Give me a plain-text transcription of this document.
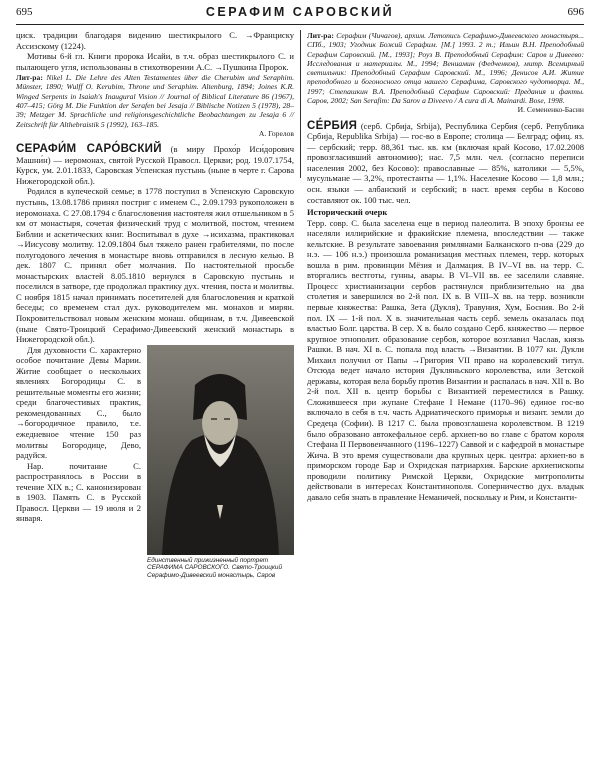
695	СЕРАФИМ САРОВСКИЙ	696

циск. традиции благодаря видению шестикрылого С. →Франциску Ассизскому (1224).

Мотивы 6-й гл. Книги пророка Исайи, в т.ч. образ шестикрылого С. и пылающего угля, использованы в стихотворении А.С. →Пушкина Пророк.

Лит-ра: Nikel L. Die Lehre des Alten Testamentes über die Cherubim und Seraphim. Münster, 1890; Wulff O. Kerubim, Throne und Seraphim. Altenburg, 1894; Joines K.R. Winged Serpents in Isaiah's Inaugural Vision // Journal of Biblical Literature 86 (1967), 407–415; Görg M. Die Funktion der Serafen bei Jesaja // Biblische Notizen 5 (1978), 28–39; Metzger M. Sprachliche und religionsgeschichtliche Beobachtungen zu Jesaja 6 // Zeitschrift für Althebraistik 5 (1992), 163–185.
А. Горелов

СЕРАФИ́М САРО́ВСКИЙ (в миру Прохо́р Иси́дорович Машни́н) — иеромонах, святой Русской Правосл. Церкви; род. 19.07.1754, Курск, ум. 2.01.1833, Саровская Успенская пустынь (ныне в черте г. Сарова Нижегородской обл.).

Родился в купеческой семье; в 1778 поступил в Успенскую Саровскую пустынь, 13.08.1786 принял постриг с именем С., 2.09.1793 рукоположен в иеромонаха. С 27.08.1794 с благословения настоятеля жил отшельником в 5 км от монастыря, сочетая физический труд с молитвой, постом, чтением Библии и аскетических книг. Воспитывал в духе →исихазма, практиковал →Иисусову молитву. 12.09.1804 был тяжело ранен грабителями, по после полугодового лечения в монастыре вновь отправился в лесную келью. В дек. 1807 С. принял обет молчания. По настоятельной просьбе монастырских властей 8.05.1810 вернулся в Саровскую пустынь и поселился в затворе, где продолжал практику дух. чтения, поста и молитвы. С ноября 1815 начал принимать посетителей для благословения и краткой беседы; со временем стал дух. руководителем мн. монахов и мирян. Покровительствовал новым женским монаш. общинам, в т.ч. Дивеевской (ныне Свято-Троицкий Серафимо-Дивеевский женский монастырь в Нижегородской обл.).

Единственный прижизненный портрет СЕРАФИМА САРОВСКОГО. Свято-Троицкий Серафимо-Дивеевский монастырь, Саров

Для духовности С. характерно особое почитание Девы Марии. Житие сообщает о нескольких явлениях Богородицы С. в решительные моменты его жизни; среди благочестивых практик, рекомендованных С., было →богородичное правило, т.е. ежедневное чтение 150 раз молитвы Богородице, Дево, радуйся.

Нар. почитание С. распространялось в России в течение XIX в.; С. канонизирован в 1903. Память С. в Русской Правосл. Церкви — 19 июля и 2 января.

Лит-ра: Серафим (Чичагов), архим. Летопись Серафимо-Дивеевского монастыря... СПб., 1903; Угодник Божий Серафим. [М.] 1993. 2 т.; Ильин В.Н. Преподобный Серафим Саровский. [М., 1993]; Роуз В. Преподобный Серафим: Саров и Дивеево: Исследования и материалы. М., 1994; Вениамин (Федченков), митр. Всемирный светильник: Преподобный Серафим Саровский. М., 1996; Денисов А.И. Житие преподобного и богоносного отца нашего Серафима, Саровского чудотворца. М., 1997; Степашкин В.А. Преподобный Серафим Саровский: Предания и факты. Саров, 2002; San Serafim: Da Sarov a Diveevo / A cura di A. Mainardi. Bose, 1998.
И. Семененко-Басин

СЕ́РБИЯ (серб. Србија, Srbija), Республика Сербия (серб. Република Србија, Republika Srbija) — гос-во в Европе; столица — Белград; офиц. яз. — сербский; терр. 88,361 тыс. кв. км (включая край Косово, 17.02.2008 провозгласивший автономию); нас. 7,5 млн. чел. (согласно переписи населения 2002, без Косово): православные — 85%, католики — 5,5%, мусульмане — 3,2%, протестанты — 1,1%. Население Косово — 1,8 млн.; осн. языки — албанский и сербский; в наст. время сербы в Косово составляют ок. 100 тыс. чел.

Исторический очерк

Терр. совр. С. была заселена еще в период палеолита. В эпоху бронзы ее населяли иллирийские и фракийские племена, впоследствии — также кельтские. В результате завоевания римлянами Балканского п-ова (229 до н.э. — 106 н.э.) произошла романизация местных племен, терр. которых вошла в рим. провинции Мёзия и Далмация. В IV–VI вв. на терр. С. вторгались вестготы, гунны, авары. В VI–VII вв. ее заселили славяне. Процесс христианизации сербов растянулся приблизительно на два столетия и завершился во 2-й пол. IX в. В VIII–X вв. на терр. возникли первые княжества: Рашка, Зета (Дукля), Травуния, Хум, Босния. Во 2-й пол. IX — 1-й пол. X в. значительная часть серб. земель оказалась под властью Болг. царства. В сер. X в. было создано Серб. княжество — первое крупное этнополит. образование сербов, которое возглавил Часлав, князь Рашки. В нач. XI в. С. попала под власть →Византии. В 1077 кн. Дукли Михаил получил от Папы →Григория VII право на королевский титул. Отсюда ведет начало история Дукляньского королевства, или Зетской державы, которая вела борьбу против Византии и распалась в нач. XII в. Во 2-й пол. XII в. центр борьбы с Византией переместился в Рашку. Сложившееся при жупане Стефане I Немане (1170–96) единое гос-во включало в себя в т.ч. часть Адриатического приморья и визант. земли до Средеца (Софии). В 1217 С. была провозглашена королевством. В 1219 было образовано автокефальное серб. архиеп-во во главе с братом короля Стефана II Первовенчанного (1196–1227) Саввой и с кафедрой в монастыре Жича. В это время существовали два крупных церк. центра: архиеп-во в приморском городе Бар и Охридская патриархия. Барские архиепископы проводили политику Римской Церкви, Охридские митрополиты действовали в интересах Константинополя. Соперничество дух. владык давало себя знать в правление Неманичей, поскольку и Рим, и Константи-
